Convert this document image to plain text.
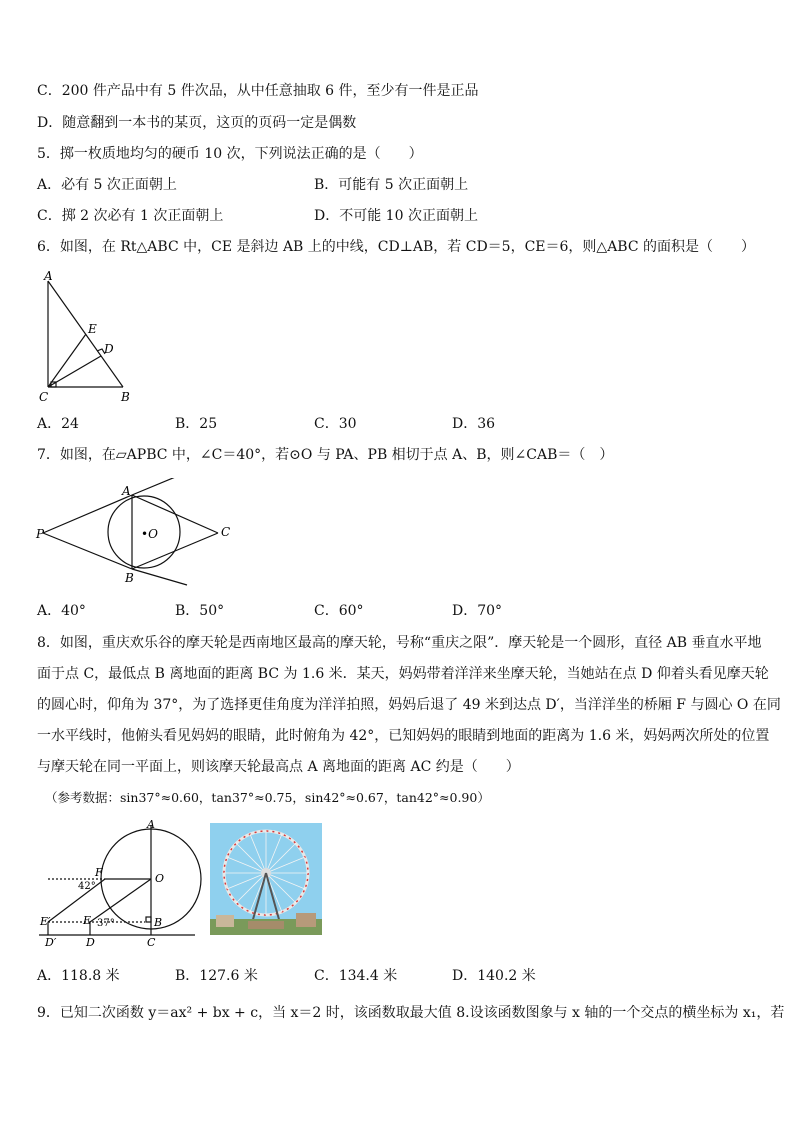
C．200 件产品中有 5 件次品，从中任意抽取 6 件，至少有一件是正品
D．随意翻到一本书的某页，这页的页码一定是偶数
5．掷一枚质地均匀的硬币 10 次，下列说法正确的是（　　）
A．必有 5 次正面朝上	B．可能有 5 次正面朝上
C．掷 2 次必有 1 次正面朝上	D．不可能 10 次正面朝上
6．如图，在 Rt△ABC 中，CE 是斜边 AB 上的中线，CD⊥AB，若 CD＝5，CE＝6，则△ABC 的面积是（　　）
A
E
D
C	B
A．24	B．25	C．30	D．36
7．如图，在▱APBC 中，∠C＝40°，若⊙O 与 PA、PB 相切于点 A、B，则∠CAB＝（　）
A
B
P	C
•O
A．40°	B．50°	C．60°	D．70°
8．如图，重庆欢乐谷的摩天轮是西南地区最高的摩天轮，号称“重庆之限”．摩天轮是一个圆形，直径 AB 垂直水平地
面于点 C，最低点 B 离地面的距离 BC 为 1.6 米．某天，妈妈带着洋洋来坐摩天轮，当她站在点 D 仰着头看见摩天轮
的圆心时，仰角为 37°，为了选择更佳角度为洋洋拍照，妈妈后退了 49 米到达点 D′，当洋洋坐的桥厢 F 与圆心 O 在同
一水平线时，他俯头看见妈妈的眼睛，此时俯角为 42°，已知妈妈的眼睛到地面的距离为 1.6 米，妈妈两次所处的位置
与摩天轮在同一平面上，则该摩天轮最高点 A 离地面的距离 AC 约是（　　）
（参考数据：sin37°≈0.60，tan37°≈0.75，sin42°≈0.67，tan42°≈0.90）
A
O
B
C
F
42°
E′	E 37°
D′	D
A．118.8 米	B．127.6 米	C．134.4 米	D．140.2 米
9．已知二次函数 y＝ax² + bx + c，当 x＝2 时，该函数取最大值 8.设该函数图象与 x 轴的一个交点的横坐标为 x₁，若
